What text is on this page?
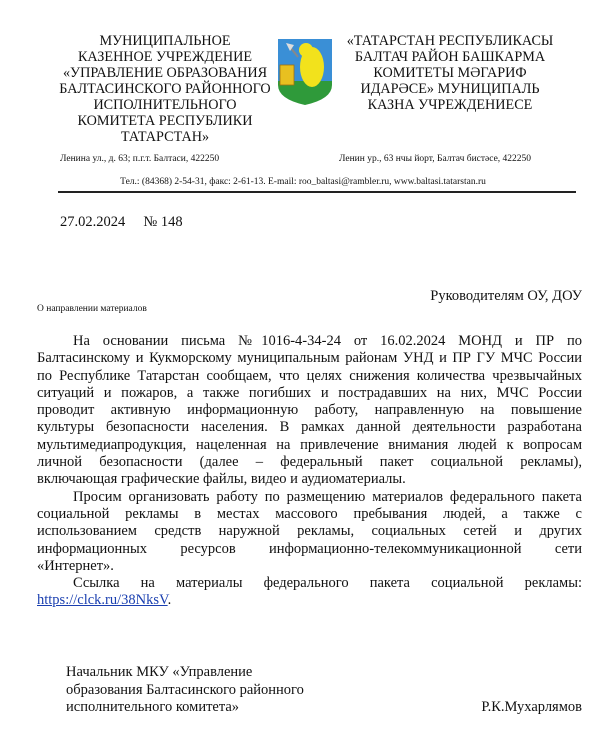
МУНИЦИПАЛЬНОЕ
КАЗЕННОЕ УЧРЕЖДЕНИЕ
«УПРАВЛЕНИЕ ОБРАЗОВАНИЯ
БАЛТАСИНСКОГО РАЙОННОГО
ИСПОЛНИТЕЛЬНОГО
КОМИТЕТА РЕСПУБЛИКИ
ТАТАРСТАН»
«ТАТАРСТАН РЕСПУБЛИКАСЫ
БАЛТАЧ РАЙОН БАШКАРМА
КОМИТЕТЫ МӘГАРИФ
ИДАРӘСЕ» МУНИЦИПАЛЬ
КАЗНА УЧРЕЖДЕНИЕСЕ
Ленина ул., д. 63; п.г.т. Балтаси, 422250	Ленин ур., 63 нчы йорт, Балтач бистәсе, 422250
Тел.: (84368) 2-54-31, факс: 2-61-13. E-mail: roo_baltasi@rambler.ru, www.baltasi.tatarstan.ru
27.02.2024 № 148
Руководителям ОУ, ДОУ
О направлении материалов
На основании письма №1016-4-34-24 от 16.02.2024 МОНД и ПР по
Балтасинскому и Кукморскому муниципальным районам УНД и ПР ГУ МЧС России
по Республике Татарстан сообщаем, что целях снижения количества чрезвычайных
ситуаций и пожаров, а также погибших и пострадавших на них, МЧС России
проводит активную информационную работу, направленную на повышение
культуры безопасности населения. В рамках данной деятельности разработана
мультимедиапродукция, нацеленная на привлечение внимания людей к вопросам
личной безопасности (далее – федеральный пакет социальной рекламы),
включающая графические файлы, видео и аудиоматериалы.
Просим организовать работу по размещению материалов федерального пакета
социальной рекламы в местах массового пребывания людей, а также с
использованием средств наружной рекламы, социальных сетей и других
информационных ресурсов информационно-телекоммуникационной сети
«Интернет».
Ссылка на материалы федерального пакета социальной рекламы:
https://clck.ru/38NksV.
Начальник МКУ «Управление
образования Балтасинского районного
исполнительного комитета»	Р.К.Мухарлямов
